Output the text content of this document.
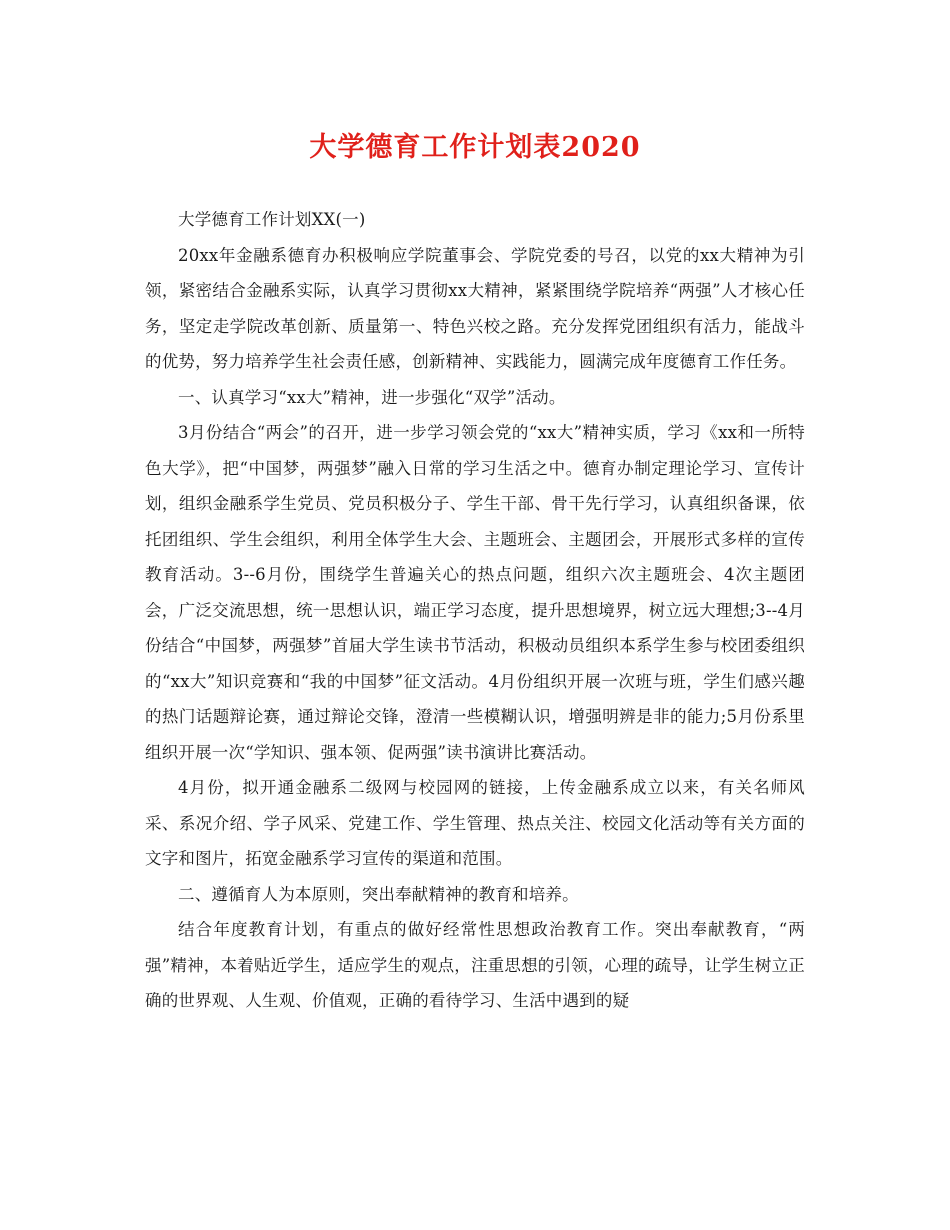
大学德育工作计划表2020

大学德育工作计划XX(一)

20xx年金融系德育办积极响应学院董事会、学院党委的号召，以党的xx大精神为引领，紧密结合金融系实际，认真学习贯彻xx大精神，紧紧围绕学院培养“两强”人才核心任务，坚定走学院改革创新、质量第一、特色兴校之路。充分发挥党团组织有活力，能战斗的优势，努力培养学生社会责任感，创新精神、实践能力，圆满完成年度德育工作任务。

一、认真学习“xx大”精神，进一步强化“双学”活动。

3月份结合“两会”的召开，进一步学习领会党的“xx大”精神实质，学习《xx和一所特色大学》，把“中国梦，两强梦”融入日常的学习生活之中。德育办制定理论学习、宣传计划，组织金融系学生党员、党员积极分子、学生干部、骨干先行学习，认真组织备课，依托团组织、学生会组织，利用全体学生大会、主题班会、主题团会，开展形式多样的宣传教育活动。3--6月份，围绕学生普遍关心的热点问题，组织六次主题班会、4次主题团会，广泛交流思想，统一思想认识，端正学习态度，提升思想境界，树立远大理想;3--4月份结合“中国梦，两强梦”首届大学生读书节活动，积极动员组织本系学生参与校团委组织的“xx大”知识竞赛和“我的中国梦”征文活动。4月份组织开展一次班与班，学生们感兴趣的热门话题辩论赛，通过辩论交锋，澄清一些模糊认识，增强明辨是非的能力;5月份系里组织开展一次“学知识、强本领、促两强”读书演讲比赛活动。

4月份，拟开通金融系二级网与校园网的链接，上传金融系成立以来，有关名师风采、系况介绍、学子风采、党建工作、学生管理、热点关注、校园文化活动等有关方面的文字和图片，拓宽金融系学习宣传的渠道和范围。

二、遵循育人为本原则，突出奉献精神的教育和培养。

结合年度教育计划，有重点的做好经常性思想政治教育工作。突出奉献教育，“两强”精神，本着贴近学生，适应学生的观点，注重思想的引领，心理的疏导，让学生树立正确的世界观、人生观、价值观，正确的看待学习、生活中遇到的疑
